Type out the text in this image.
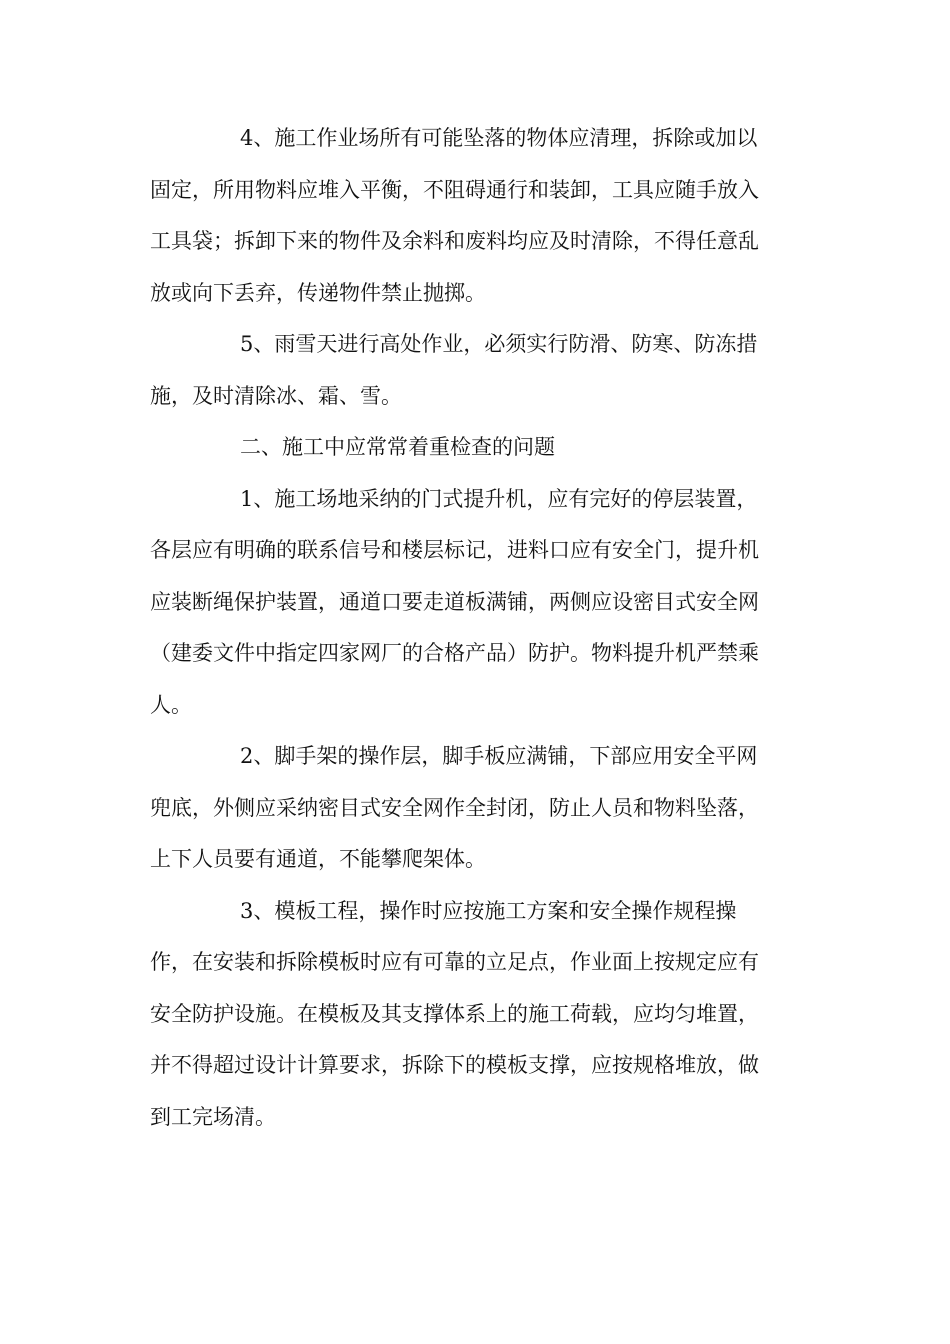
4、施工作业场所有可能坠落的物体应清理，拆除或加以
固定，所用物料应堆入平衡，不阻碍通行和装卸，工具应随手放入
工具袋；拆卸下来的物件及余料和废料均应及时清除，不得任意乱
放或向下丢弃，传递物件禁止抛掷。

5、雨雪天进行高处作业，必须实行防滑、防寒、防冻措
施，及时清除冰、霜、雪。

二、施工中应常常着重检查的问题

1、施工场地采纳的门式提升机，应有完好的停层装置，
各层应有明确的联系信号和楼层标记，进料口应有安全门，提升机
应装断绳保护装置，通道口要走道板满铺，两侧应设密目式安全网
（建委文件中指定四家网厂的合格产品）防护。物料提升机严禁乘
人。

2、脚手架的操作层，脚手板应满铺，下部应用安全平网
兜底，外侧应采纳密目式安全网作全封闭，防止人员和物料坠落，
上下人员要有通道，不能攀爬架体。

3、模板工程，操作时应按施工方案和安全操作规程操
作，在安装和拆除模板时应有可靠的立足点，作业面上按规定应有
安全防护设施。在模板及其支撑体系上的施工荷载，应均匀堆置，
并不得超过设计计算要求，拆除下的模板支撑，应按规格堆放，做
到工完场清。
